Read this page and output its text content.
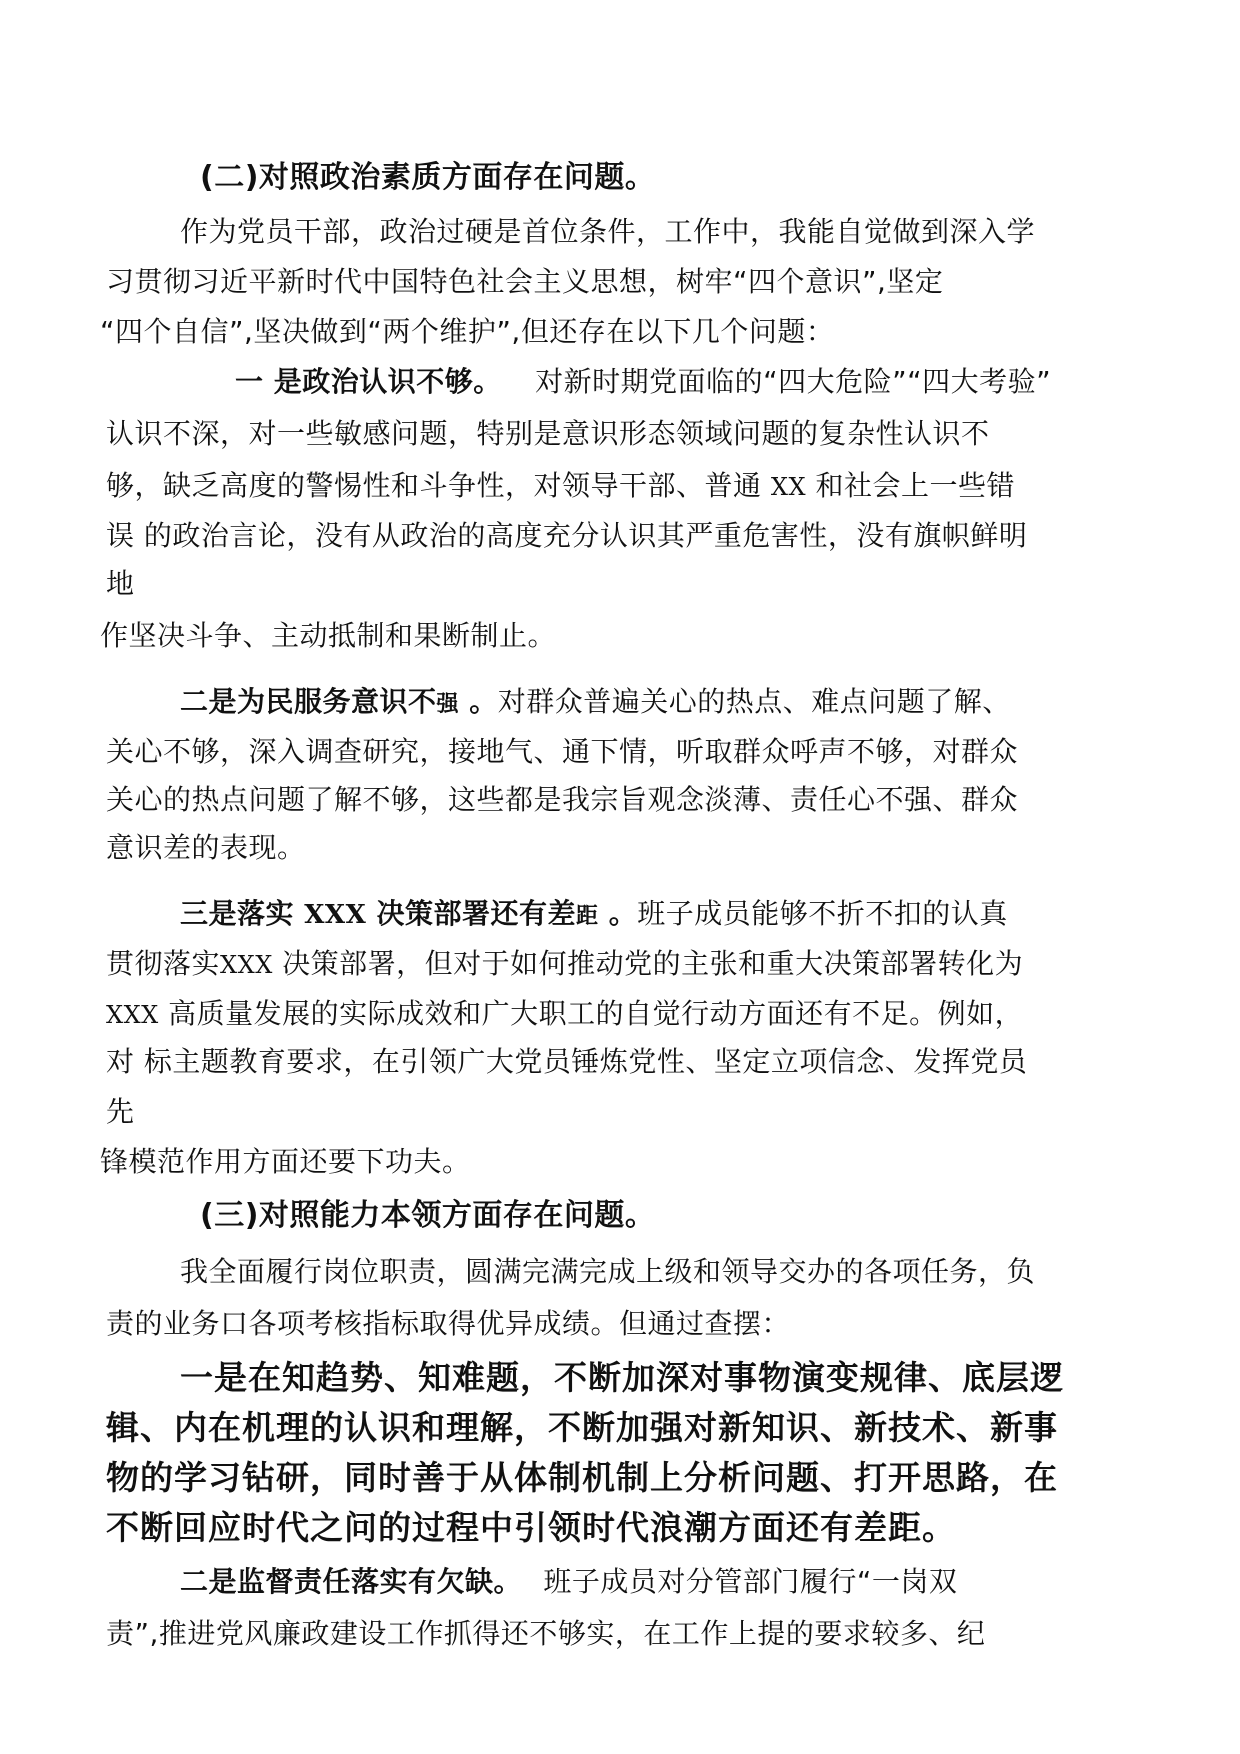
(二)对照政治素质方面存在问题。
作为党员干部，政治过硬是首位条件，工作中，我能自觉做到深入学
习贯彻习近平新时代中国特色社会主义思想，树牢“四个意识”,坚定
“四个自信”,坚决做到“两个维护”,但还存在以下几个问题：
一 是政治认识不够。 对新时期党面临的“四大危险”“四大考验”
认识不深，对一些敏感问题，特别是意识形态领域问题的复杂性认识不
够，缺乏高度的警惕性和斗争性，对领导干部、普通 XX 和社会上一些错
误 的政治言论，没有从政治的高度充分认识其严重危害性，没有旗帜鲜明
地
作坚决斗争、主动抵制和果断制止。
二是为民服务意识不强 。对群众普遍关心的热点、难点问题了解、
关心不够，深入调查研究，接地气、通下情，听取群众呼声不够，对群众
关心的热点问题了解不够，这些都是我宗旨观念淡薄、责任心不强、群众
意识差的表现。
三是落实 XXX 决策部署还有差距 。班子成员能够不折不扣的认真
贯彻落实XXX 决策部署，但对于如何推动党的主张和重大决策部署转化为
XXX 高质量发展的实际成效和广大职工的自觉行动方面还有不足。例如，
对 标主题教育要求，在引领广大党员锤炼党性、坚定立项信念、发挥党员
先
锋模范作用方面还要下功夫。
(三)对照能力本领方面存在问题。
我全面履行岗位职责，圆满完满完成上级和领导交办的各项任务，负
责的业务口各项考核指标取得优异成绩。但通过查摆：
一是在知趋势、知难题，不断加深对事物演变规律、底层逻
辑、内在机理的认识和理解，不断加强对新知识、新技术、新事
物的学习钻研，同时善于从体制机制上分析问题、打开思路，在
不断回应时代之问的过程中引领时代浪潮方面还有差距。
二是监督责任落实有欠缺。 班子成员对分管部门履行“一岗双
责”,推进党风廉政建设工作抓得还不够实，在工作上提的要求较多、纪
